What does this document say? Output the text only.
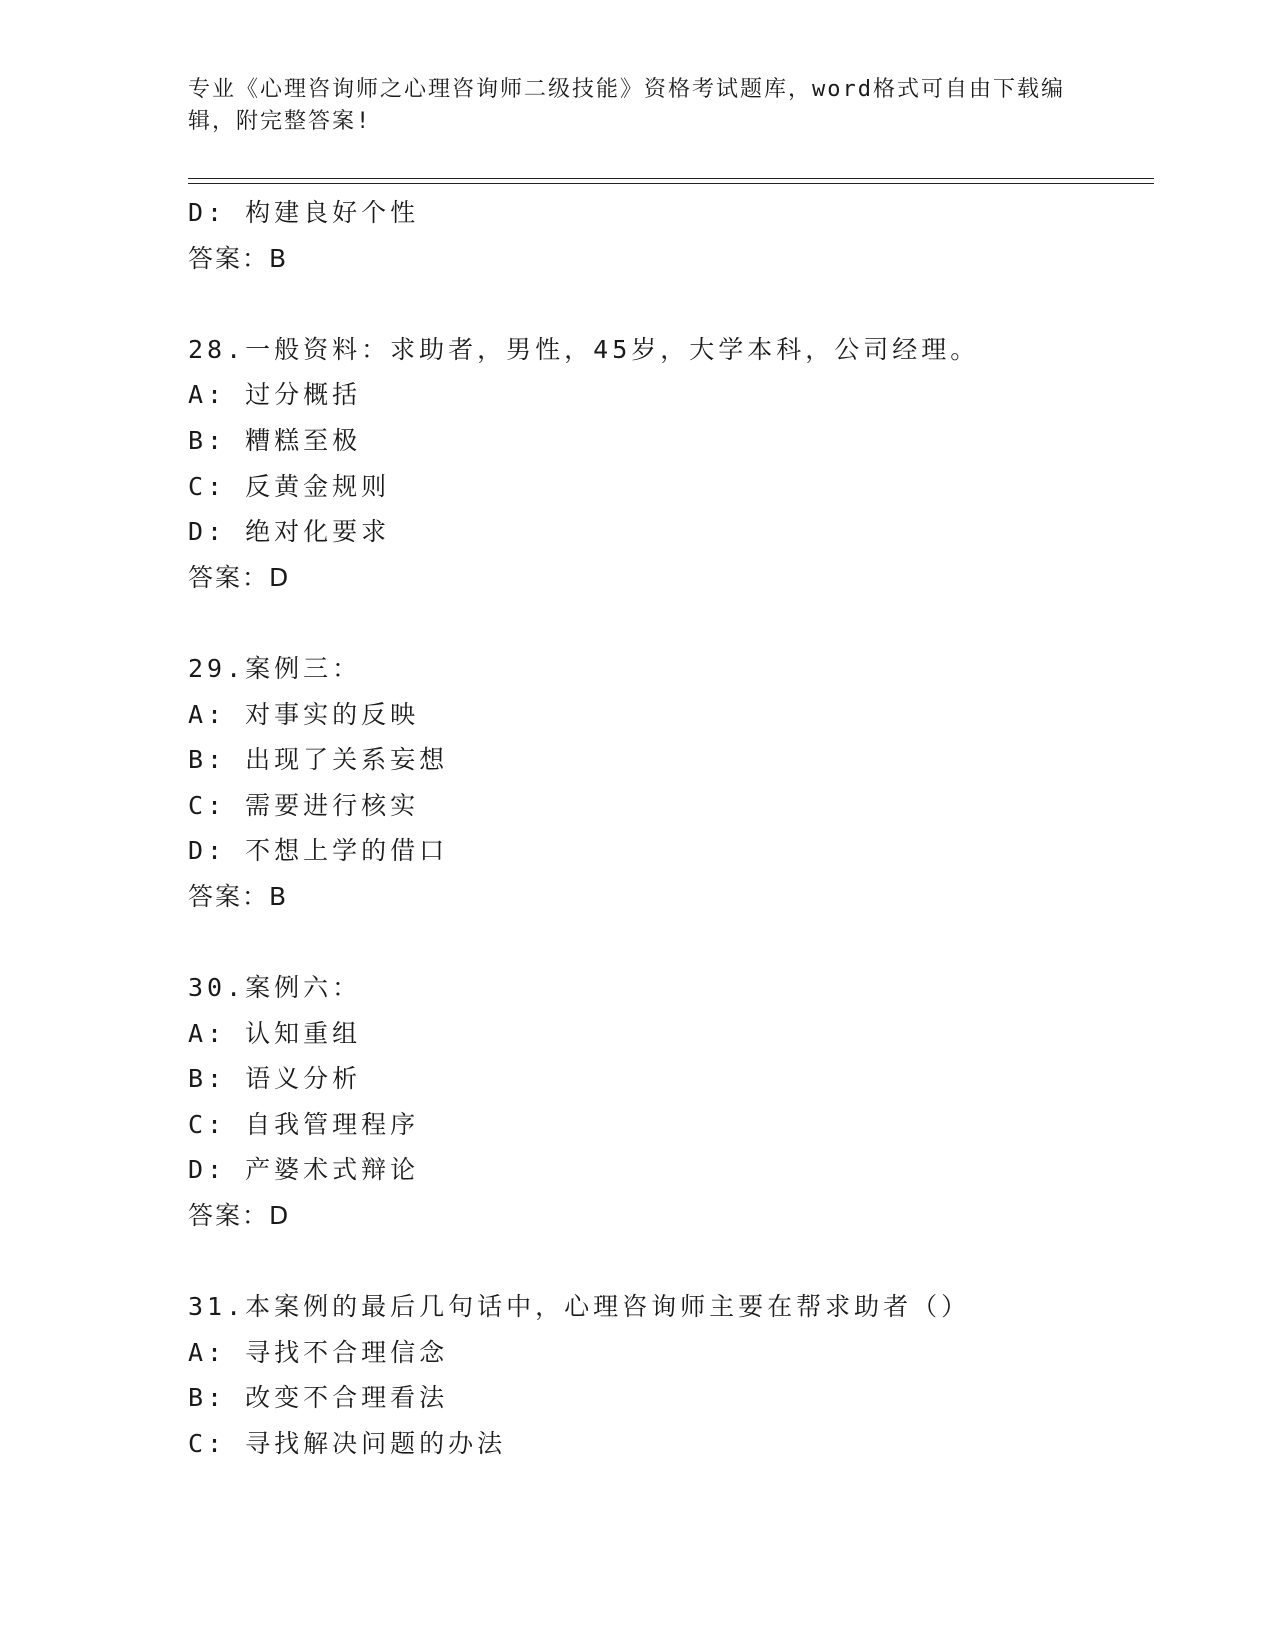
专业《心理咨询师之心理咨询师二级技能》资格考试题库，word格式可自由下载编辑，附完整答案!
D: 构建良好个性
答案：B
28.一般资料：求助者，男性，45岁，大学本科，公司经理。
A: 过分概括
B: 糟糕至极
C: 反黄金规则
D: 绝对化要求
答案：D
29.案例三：
A: 对事实的反映
B: 出现了关系妄想
C: 需要进行核实
D: 不想上学的借口
答案：B
30.案例六：
A: 认知重组
B: 语义分析
C: 自我管理程序
D: 产婆术式辩论
答案：D
31.本案例的最后几句话中，心理咨询师主要在帮求助者（）
A: 寻找不合理信念
B: 改变不合理看法
C: 寻找解决问题的办法
